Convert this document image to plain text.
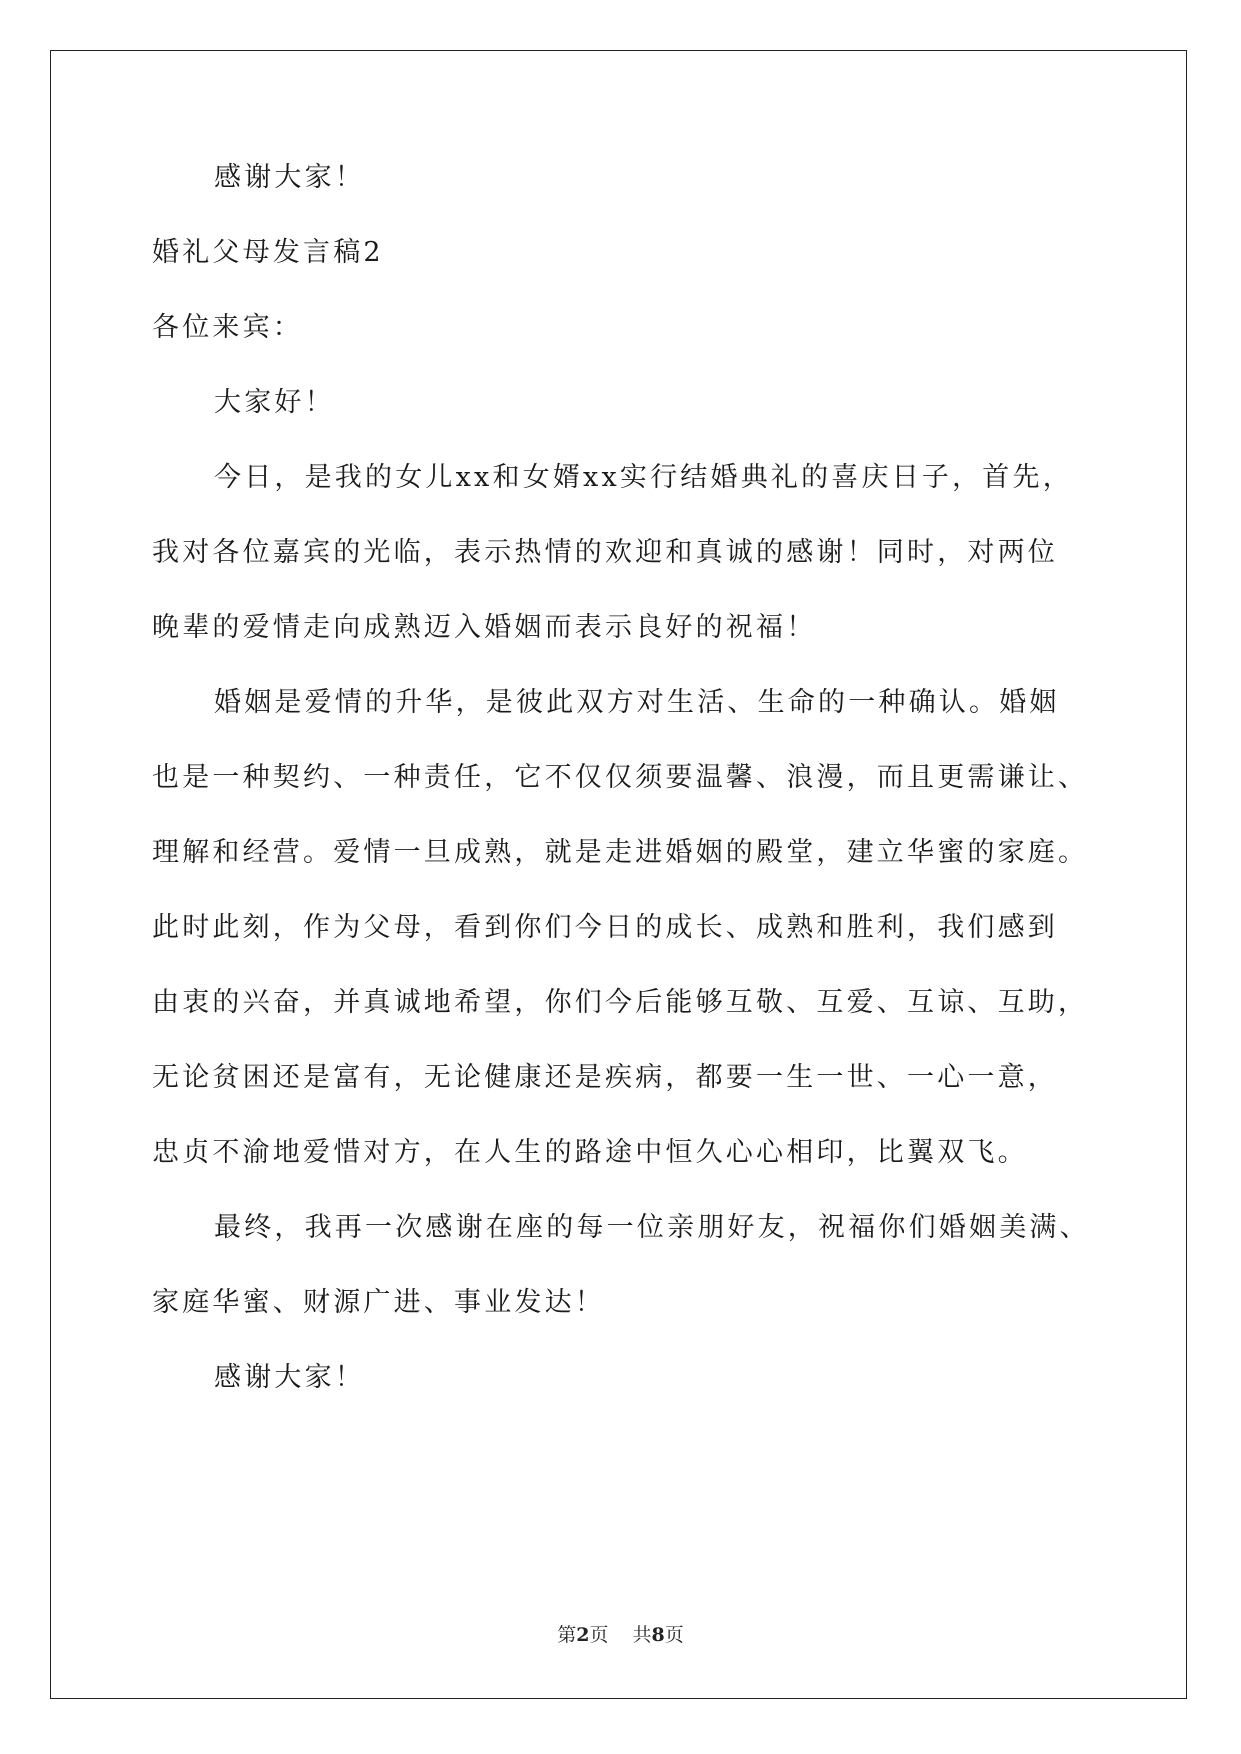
感谢大家！
婚礼父母发言稿2
各位来宾：
大家好！
今日，是我的女儿xx和女婿xx实行结婚典礼的喜庆日子，首先，
我对各位嘉宾的光临，表示热情的欢迎和真诚的感谢！同时，对两位
晚辈的爱情走向成熟迈入婚姻而表示良好的祝福！
婚姻是爱情的升华，是彼此双方对生活、生命的一种确认。婚姻
也是一种契约、一种责任，它不仅仅须要温馨、浪漫，而且更需谦让、
理解和经营。爱情一旦成熟，就是走进婚姻的殿堂，建立华蜜的家庭。
此时此刻，作为父母，看到你们今日的成长、成熟和胜利，我们感到
由衷的兴奋，并真诚地希望，你们今后能够互敬、互爱、互谅、互助，
无论贫困还是富有，无论健康还是疾病，都要一生一世、一心一意，
忠贞不渝地爱惜对方，在人生的路途中恒久心心相印，比翼双飞。
最终，我再一次感谢在座的每一位亲朋好友，祝福你们婚姻美满、
家庭华蜜、财源广进、事业发达！
感谢大家！
第2页 共8页
